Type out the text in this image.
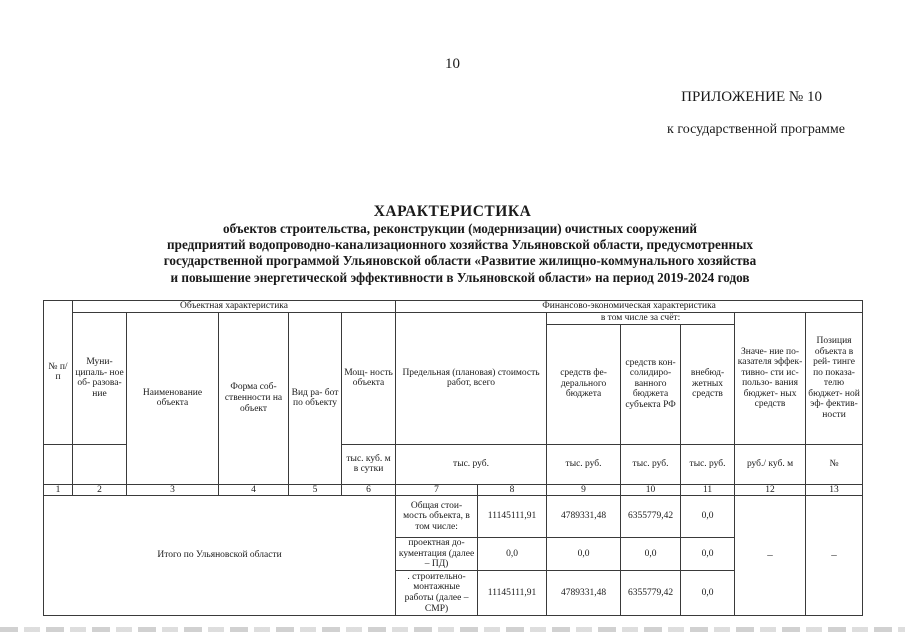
10
ПРИЛОЖЕНИЕ № 10
к государственной программе
ХАРАКТЕРИСТИКА
объектов строительства, реконструкции (модернизации) очистных сооружений
предприятий водопроводно-канализационного хозяйства Ульяновской области, предусмотренных
государственной программой Ульяновской области «Развитие жилищно-коммунального хозяйства
и повышение энергетической эффективности в Ульяновской области» на период 2019-2024 годов
№ п/п	Объектная характеристика					Финансово-экономическая характеристика						
	Муни- ципаль- ное об- разова- ние	Наименование объекта	Форма соб- ственности на объект	Вид ра- бот по объекту	Мощ- ность объекта	Предельная (плановая) стоимость работ, всего		в том числе за счёт:			Значе- ние по- казателя эффек- тивно- сти ис- пользо- вания бюджет- ных средств	Позиция объекта в рей- тинге по показа- телю бюджет- ной эф- фектив- ности
								средств фе- дерального бюджета	средств кон- солидиро- ванного бюджета субъекта РФ	внебюд- жетных средств		
					тыс. куб. м в сутки	тыс. руб.		тыс. руб.	тыс. руб.	тыс. руб.	руб./ куб. м	№
1	2	3	4	5	6	7	8	9	10	11	12	13
Итого по Ульяновской области						Общая стои- мость объекта, в том числе:	11145111,91	4789331,48	6355779,42	0,0	–	–
						проектная до- кументация (далее – ПД)	0,0	0,0	0,0	0,0		
						. строительно- монтажные работы (далее – СМР)	11145111,91	4789331,48	6355779,42	0,0		
